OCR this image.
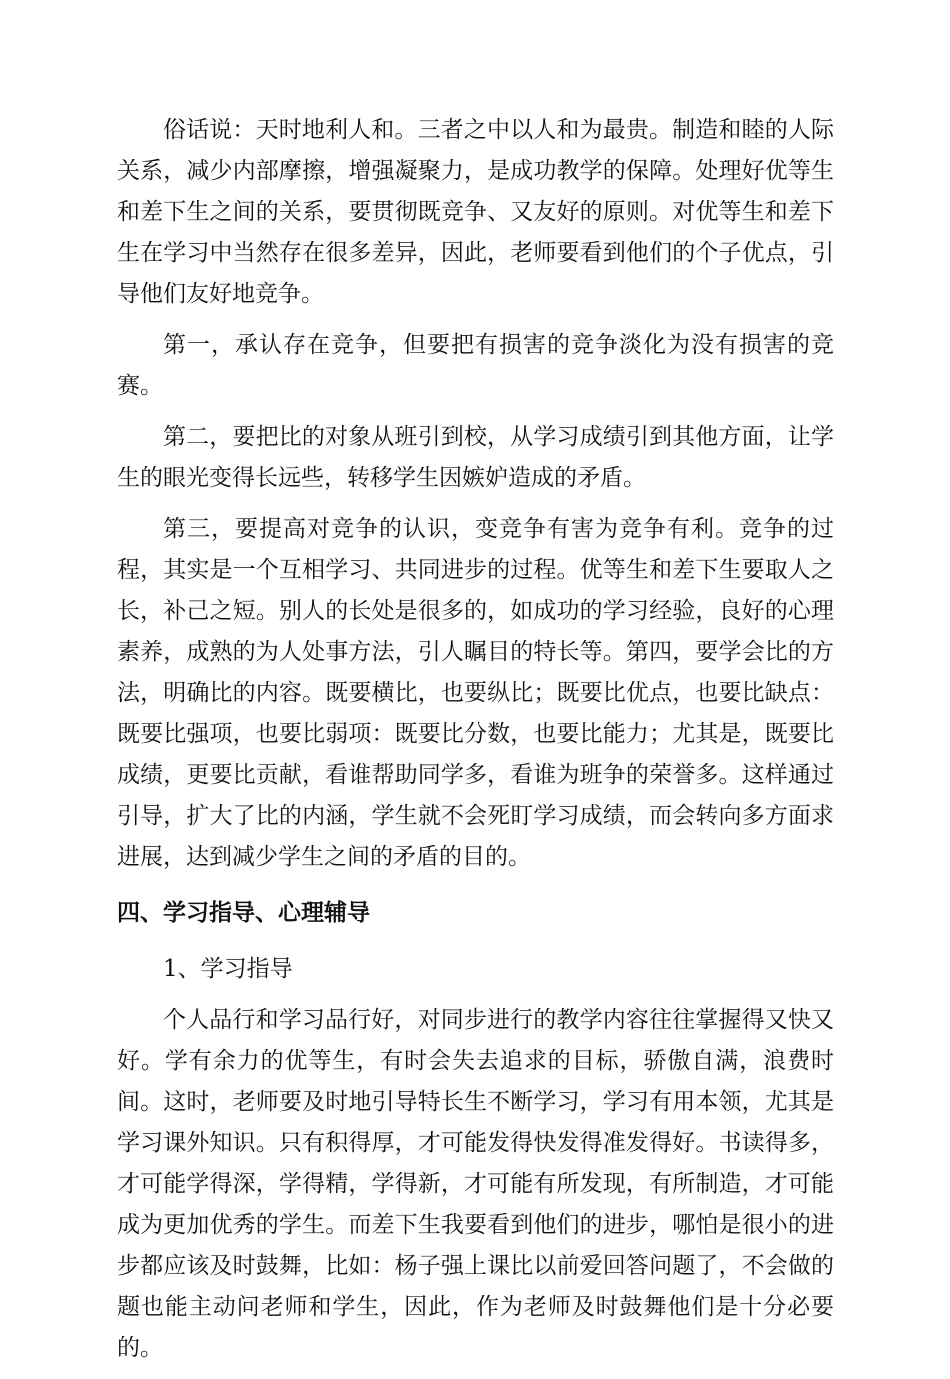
俗话说：天时地利人和。三者之中以人和为最贵。制造和睦的人际关系，减少内部摩擦，增强凝聚力，是成功教学的保障。处理好优等生和差下生之间的关系，要贯彻既竞争、又友好的原则。对优等生和差下生在学习中当然存在很多差异，因此，老师要看到他们的个子优点，引导他们友好地竞争。

第一，承认存在竞争，但要把有损害的竞争淡化为没有损害的竞赛。

第二，要把比的对象从班引到校，从学习成绩引到其他方面，让学生的眼光变得长远些，转移学生因嫉妒造成的矛盾。

第三，要提高对竞争的认识，变竞争有害为竞争有利。竞争的过程，其实是一个互相学习、共同进步的过程。优等生和差下生要取人之长，补己之短。别人的长处是很多的，如成功的学习经验，良好的心理素养，成熟的为人处事方法，引人瞩目的特长等。第四，要学会比的方法，明确比的内容。既要横比，也要纵比；既要比优点，也要比缺点：既要比强项，也要比弱项：既要比分数，也要比能力；尤其是，既要比成绩，更要比贡献，看谁帮助同学多，看谁为班争的荣誉多。这样通过引导，扩大了比的内涵，学生就不会死盯学习成绩，而会转向多方面求进展，达到减少学生之间的矛盾的目的。

四、学习指导、心理辅导

1、学习指导

个人品行和学习品行好，对同步进行的教学内容往往掌握得又快又好。学有余力的优等生，有时会失去追求的目标，骄傲自满，浪费时间。这时，老师要及时地引导特长生不断学习，学习有用本领，尤其是学习课外知识。只有积得厚，才可能发得快发得准发得好。书读得多，才可能学得深，学得精，学得新，才可能有所发现，有所制造，才可能成为更加优秀的学生。而差下生我要看到他们的进步，哪怕是很小的进步都应该及时鼓舞，比如：杨子强上课比以前爱回答问题了，不会做的题也能主动问老师和学生，因此，作为老师及时鼓舞他们是十分必要的。
